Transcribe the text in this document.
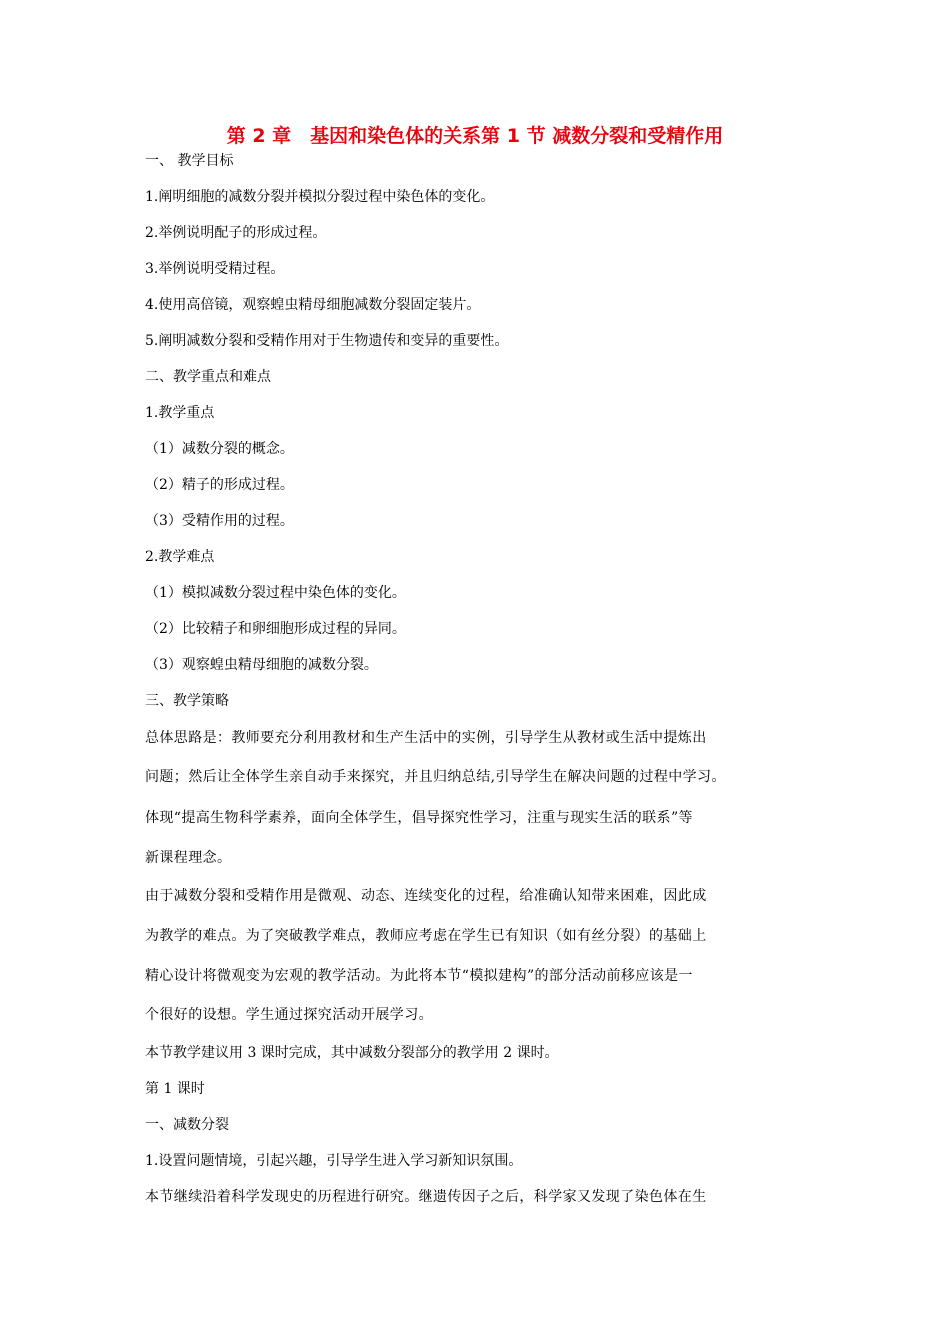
第 2 章　基因和染色体的关系第 1 节 减数分裂和受精作用
一、 教学目标
1.阐明细胞的减数分裂并模拟分裂过程中染色体的变化。
2.举例说明配子的形成过程。
3.举例说明受精过程。
4.使用高倍镜，观察蝗虫精母细胞减数分裂固定装片。
5.阐明减数分裂和受精作用对于生物遗传和变异的重要性。
二、教学重点和难点
1.教学重点
（1）减数分裂的概念。
（2）精子的形成过程。
（3）受精作用的过程。
2.教学难点
（1）模拟减数分裂过程中染色体的变化。
（2）比较精子和卵细胞形成过程的异同。
（3）观察蝗虫精母细胞的减数分裂。
三、教学策略
总体思路是：教师要充分利用教材和生产生活中的实例，引导学生从教材或生活中提炼出
问题；然后让全体学生亲自动手来探究，并且归纳总结,引导学生在解决问题的过程中学习。
体现“提高生物科学素养，面向全体学生，倡导探究性学习，注重与现实生活的联系”等
新课程理念。
由于减数分裂和受精作用是微观、动态、连续变化的过程，给准确认知带来困难，因此成
为教学的难点。为了突破教学难点，教师应考虑在学生已有知识（如有丝分裂）的基础上
精心设计将微观变为宏观的教学活动。为此将本节“模拟建构”的部分活动前移应该是一
个很好的设想。学生通过探究活动开展学习。
本节教学建议用 3 课时完成，其中减数分裂部分的教学用 2 课时。
第 1 课时
一、减数分裂
1.设置问题情境，引起兴趣，引导学生进入学习新知识氛围。
本节继续沿着科学发现史的历程进行研究。继遗传因子之后，科学家又发现了染色体在生
